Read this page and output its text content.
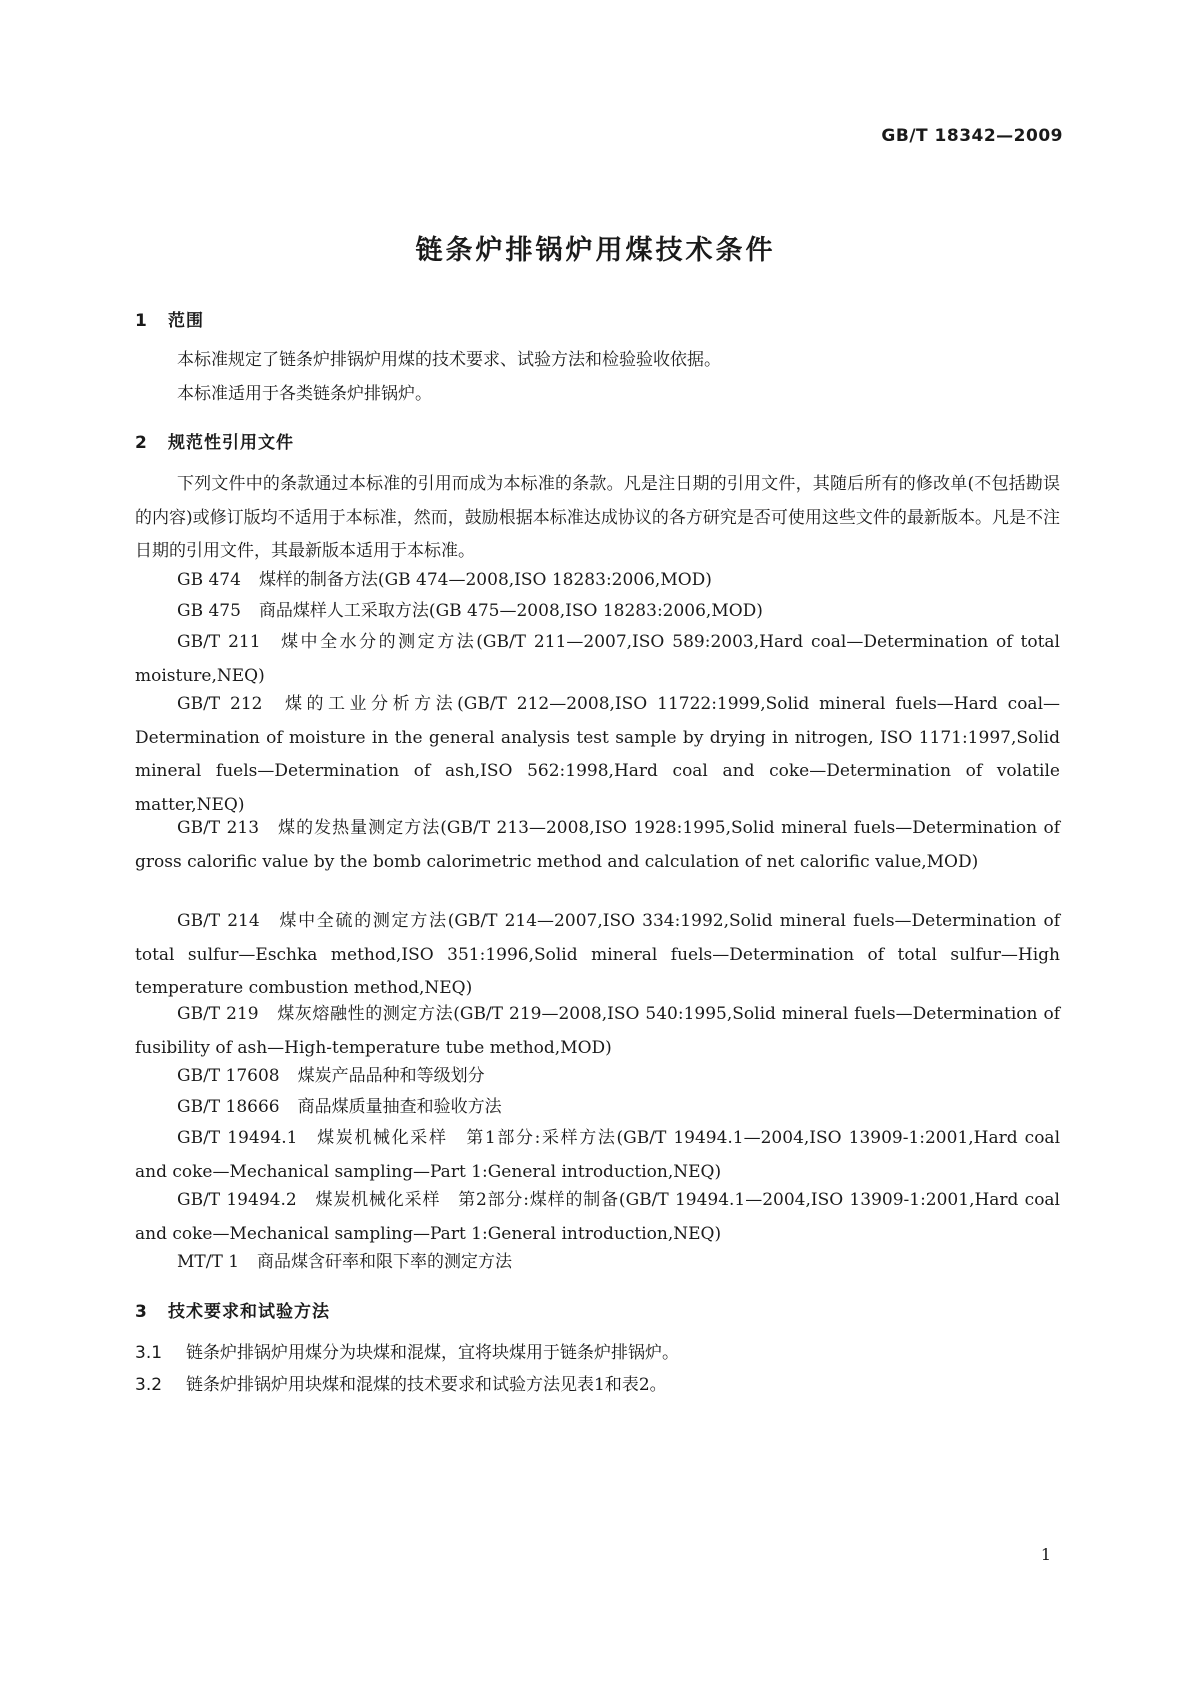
GB/T 18342—2009
链条炉排锅炉用煤技术条件
1 范围
本标准规定了链条炉排锅炉用煤的技术要求、试验方法和检验验收依据。
本标准适用于各类链条炉排锅炉。
2 规范性引用文件
下列文件中的条款通过本标准的引用而成为本标准的条款。凡是注日期的引用文件，其随后所有的修改单(不包括勘误的内容)或修订版均不适用于本标准，然而，鼓励根据本标准达成协议的各方研究是否可使用这些文件的最新版本。凡是不注日期的引用文件，其最新版本适用于本标准。
GB 474 煤样的制备方法(GB 474—2008,ISO 18283:2006,MOD)
GB 475 商品煤样人工采取方法(GB 475—2008,ISO 18283:2006,MOD)
GB/T 211 煤中全水分的测定方法(GB/T 211—2007,ISO 589:2003,Hard coal—Determination of total moisture,NEQ)
GB/T 212 煤的工业分析方法(GB/T 212—2008,ISO 11722:1999,Solid mineral fuels—Hard coal—Determination of moisture in the general analysis test sample by drying in nitrogen, ISO 1171:1997,Solid mineral fuels—Determination of ash,ISO 562:1998,Hard coal and coke—Determination of volatile matter,NEQ)
GB/T 213 煤的发热量测定方法(GB/T 213—2008,ISO 1928:1995,Solid mineral fuels—Determination of gross calorific value by the bomb calorimetric method and calculation of net calorific value,MOD)
GB/T 214 煤中全硫的测定方法(GB/T 214—2007,ISO 334:1992,Solid mineral fuels—Determination of total sulfur—Eschka method,ISO 351:1996,Solid mineral fuels—Determination of total sulfur—High temperature combustion method,NEQ)
GB/T 219 煤灰熔融性的测定方法(GB/T 219—2008,ISO 540:1995,Solid mineral fuels—Determination of fusibility of ash—High-temperature tube method,MOD)
GB/T 17608 煤炭产品品种和等级划分
GB/T 18666 商品煤质量抽查和验收方法
GB/T 19494.1 煤炭机械化采样　第1部分:采样方法(GB/T 19494.1—2004,ISO 13909-1:2001,Hard coal and coke—Mechanical sampling—Part 1:General introduction,NEQ)
GB/T 19494.2 煤炭机械化采样　第2部分:煤样的制备(GB/T 19494.1—2004,ISO 13909-1:2001,Hard coal and coke—Mechanical sampling—Part 1:General introduction,NEQ)
MT/T 1 商品煤含矸率和限下率的测定方法
3 技术要求和试验方法
3.1 链条炉排锅炉用煤分为块煤和混煤，宜将块煤用于链条炉排锅炉。
3.2 链条炉排锅炉用块煤和混煤的技术要求和试验方法见表1和表2。
1
